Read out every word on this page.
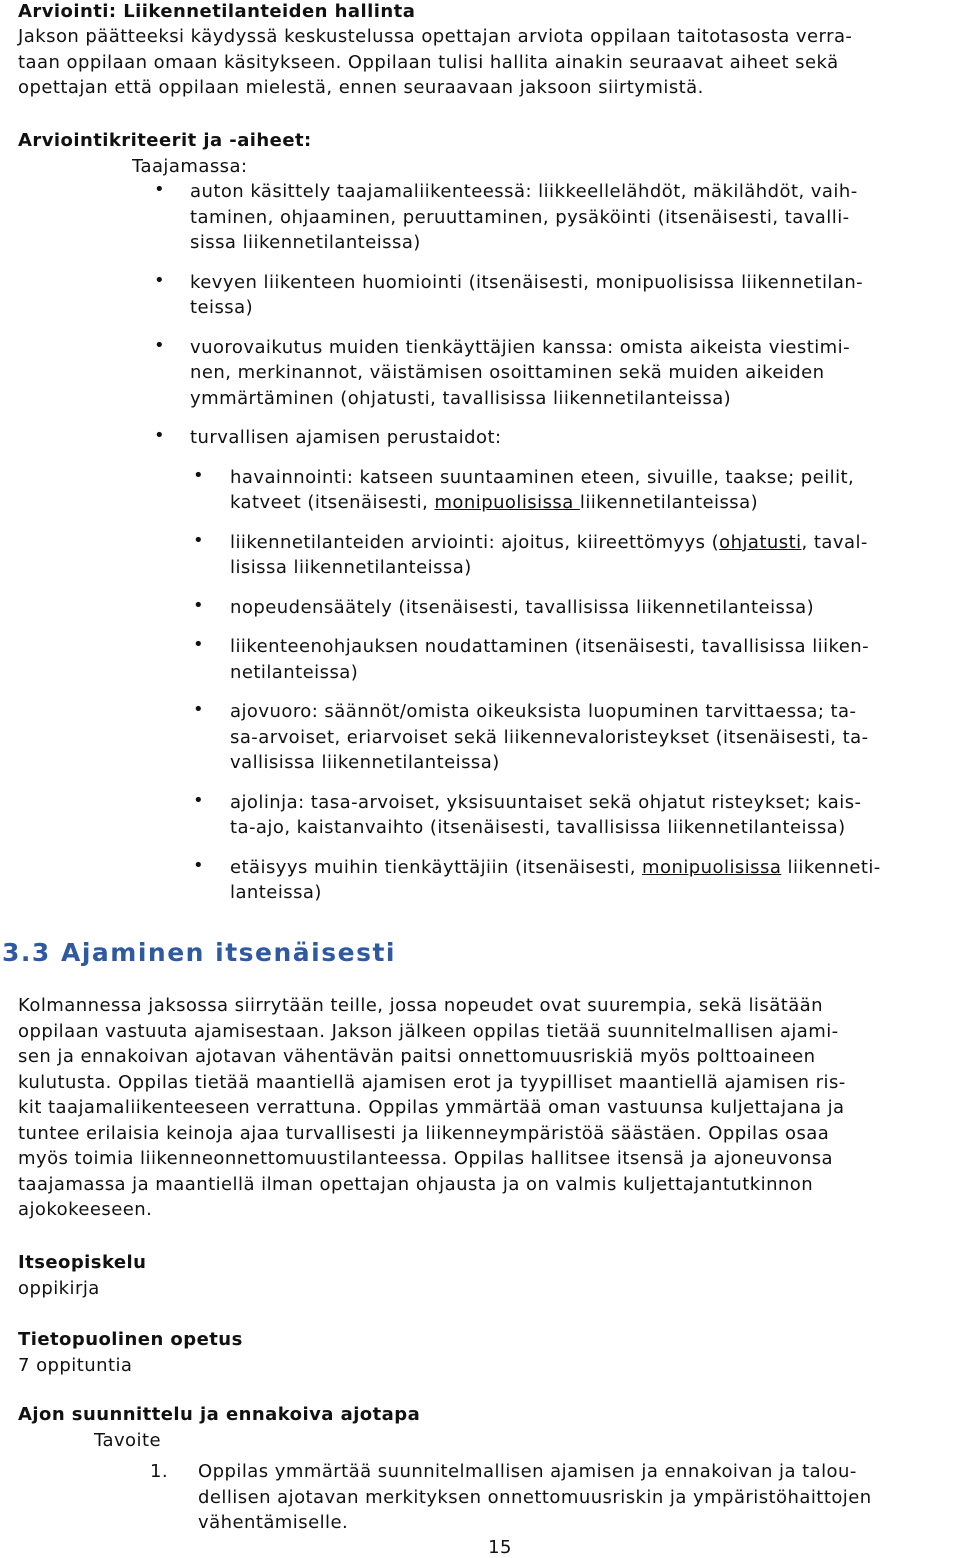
Arviointi: Liikennetilanteiden hallinta

Jakson päätteeksi käydyssä keskustelussa opettajan arviota oppilaan taitotasosta verra-

taan oppilaan omaan käsitykseen. Oppilaan tulisi hallita ainakin seuraavat aiheet sekä

opettajan että oppilaan mielestä, ennen seuraavaan jaksoon siirtymistä.

Arviointikriteerit ja -aiheet:

Taajamassa:

• auton käsittely taajamaliikenteessä: liikkeellelähdöt, mäkilähdöt, vaih-
taminen, ohjaaminen, peruuttaminen, pysäköinti (itsenäisesti, tavalli-
sissa liikennetilanteissa)
• kevyen liikenteen huomiointi (itsenäisesti, monipuolisissa liikennetilan-
teissa)
• vuorovaikutus muiden tienkäyttäjien kanssa: omista aikeista viestimi-
nen, merkinannot, väistämisen osoittaminen sekä muiden aikeiden
ymmärtäminen (ohjatusti, tavallisissa liikennetilanteissa)
• turvallisen ajamisen perustaidot:
• havainnointi: katseen suuntaaminen eteen, sivuille, taakse; peilit,
katveet (itsenäisesti, monipuolisissa liikennetilanteissa)
• liikennetilanteiden arviointi: ajoitus, kiireettömyys (ohjatusti, taval-
lisissa liikennetilanteissa)
• nopeudensäätely (itsenäisesti, tavallisissa liikennetilanteissa)
• liikenteenohjauksen noudattaminen (itsenäisesti, tavallisissa liiken-
netilanteissa)
• ajovuoro: säännöt/omista oikeuksista luopuminen tarvittaessa; ta-
sa-arvoiset, eriarvoiset sekä liikennevaloristeykset (itsenäisesti, ta-
vallisissa liikennetilanteissa)
• ajolinja: tasa-arvoiset, yksisuuntaiset sekä ohjatut risteykset; kais-
ta-ajo, kaistanvaihto (itsenäisesti, tavallisissa liikennetilanteissa)
• etäisyys muihin tienkäyttäjiin (itsenäisesti, monipuolisissa liikenneti-
lanteissa)
3.3 Ajaminen itsenäisesti

Kolmannessa jaksossa siirrytään teille, jossa nopeudet ovat suurempia, sekä lisätään

oppilaan vastuuta ajamisestaan. Jakson jälkeen oppilas tietää suunnitelmallisen ajami-

sen ja ennakoivan ajotavan vähentävän paitsi onnettomuusriskiä myös polttoaineen

kulutusta. Oppilas tietää maantiellä ajamisen erot ja tyypilliset maantiellä ajamisen ris-

kit taajamaliikenteeseen verrattuna. Oppilas ymmärtää oman vastuunsa kuljettajana ja

tuntee erilaisia keinoja ajaa turvallisesti ja liikenneympäristöä säästäen. Oppilas osaa

myös toimia liikenneonnettomuustilanteessa. Oppilas hallitsee itsensä ja ajoneuvonsa

taajamassa ja maantiellä ilman opettajan ohjausta ja on valmis kuljettajantutkinnon

ajokokeeseen.

Itseopiskelu

oppikirja

Tietopuolinen opetus

7 oppituntia

Ajon suunnittelu ja ennakoiva ajotapa

Tavoite

1. Oppilas ymmärtää suunnitelmallisen ajamisen ja ennakoivan ja talou-

dellisen ajotavan merkityksen onnettomuusriskin ja ympäristöhaittojen

vähentämiselle.

15
